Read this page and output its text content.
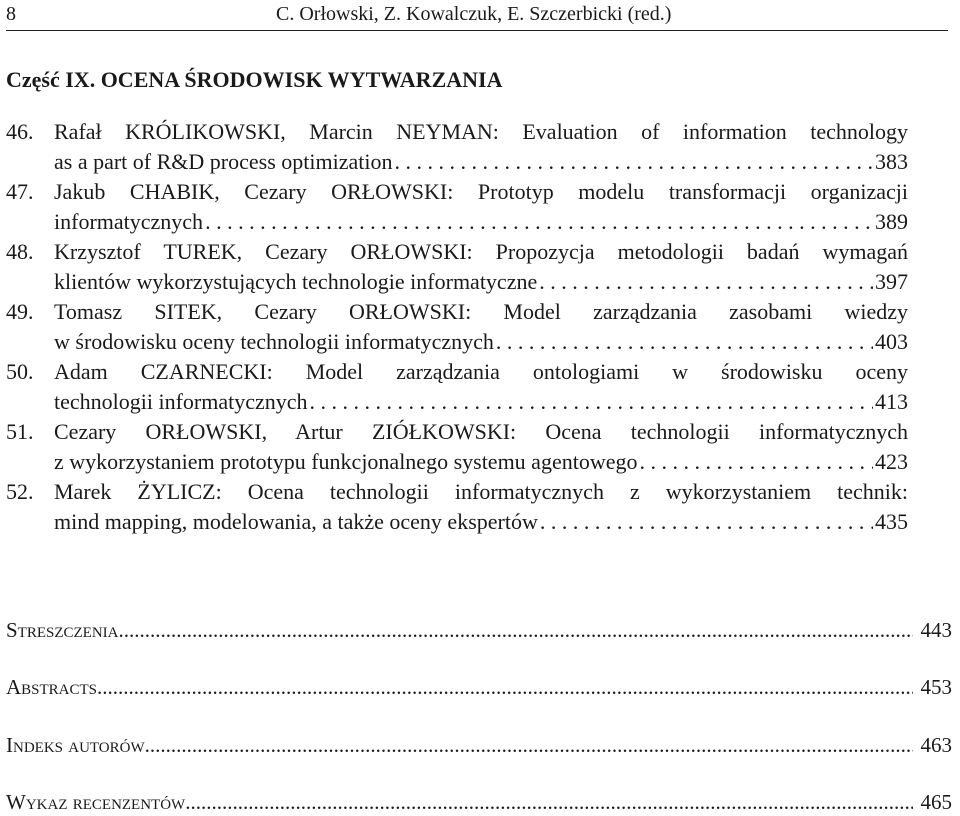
8	C. Orłowski, Z. Kowalczuk, E. Szczerbicki (red.)
Część IX. OCENA ŚRODOWISK WYTWARZANIA
46. Rafał KRÓLIKOWSKI, Marcin NEYMAN: Evaluation of information technology
as a part of R&D process optimization . . .	383
47. Jakub CHABIK, Cezary ORŁOWSKI: Prototyp modelu transformacji organizacji
informatycznych . . .	389
48. Krzysztof TUREK, Cezary ORŁOWSKI: Propozycja metodologii badań wymagań
klientów wykorzystujących technologie informatyczne . . .	397
49. Tomasz SITEK, Cezary ORŁOWSKI: Model zarządzania zasobami wiedzy
w środowisku oceny technologii informatycznych . . .	403
50. Adam CZARNECKI: Model zarządzania ontologiami w środowisku oceny
technologii informatycznych . . .	413
51. Cezary ORŁOWSKI, Artur ZIÓŁKOWSKI: Ocena technologii informatycznych
z wykorzystaniem prototypu funkcjonalnego systemu agentowego . . .	423
52. Marek ŻYLICZ: Ocena technologii informatycznych z wykorzystaniem technik:
mind mapping, modelowania, a także oceny ekspertów . . .	435
Streszczenia .....	443
Abstracts .....	453
Indeks autorów .....	463
Wykaz recenzentów .....	465
